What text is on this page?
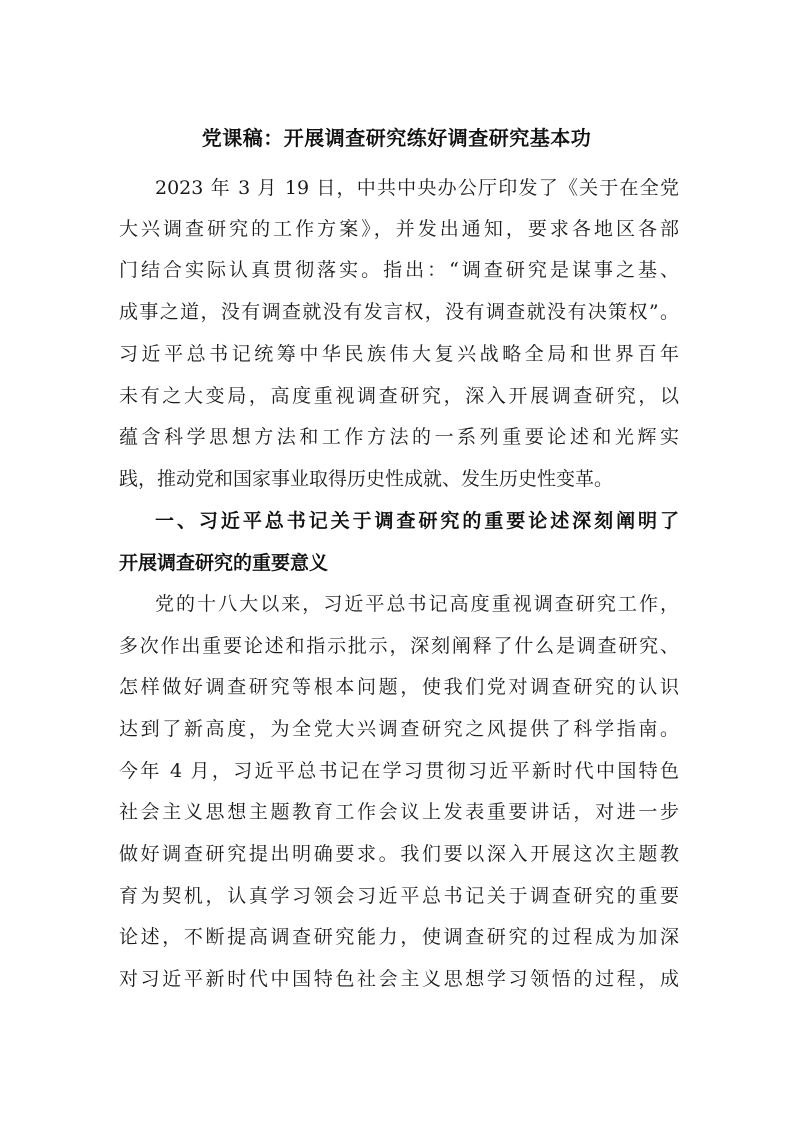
党课稿：开展调查研究练好调查研究基本功
2023 年 3 月 19 日，中共中央办公厅印发了《关于在全党
大兴调查研究的工作方案》，并发出通知，要求各地区各部
门结合实际认真贯彻落实。指出：“调查研究是谋事之基、
成事之道，没有调查就没有发言权，没有调查就没有决策权”。
习近平总书记统筹中华民族伟大复兴战略全局和世界百年
未有之大变局，高度重视调查研究，深入开展调查研究，以
蕴含科学思想方法和工作方法的一系列重要论述和光辉实
践，推动党和国家事业取得历史性成就、发生历史性变革。
一、习近平总书记关于调查研究的重要论述深刻阐明了
开展调查研究的重要意义
党的十八大以来，习近平总书记高度重视调查研究工作，
多次作出重要论述和指示批示，深刻阐释了什么是调查研究、
怎样做好调查研究等根本问题，使我们党对调查研究的认识
达到了新高度，为全党大兴调查研究之风提供了科学指南。
今年 4 月，习近平总书记在学习贯彻习近平新时代中国特色
社会主义思想主题教育工作会议上发表重要讲话，对进一步
做好调查研究提出明确要求。我们要以深入开展这次主题教
育为契机，认真学习领会习近平总书记关于调查研究的重要
论述，不断提高调查研究能力，使调查研究的过程成为加深
对习近平新时代中国特色社会主义思想学习领悟的过程，成
